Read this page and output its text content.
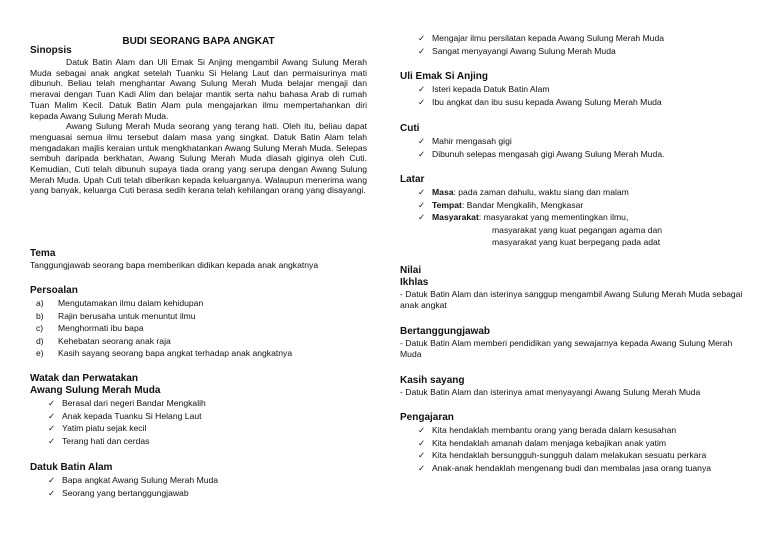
BUDI SEORANG BAPA ANGKAT
Sinopsis

Datuk Batin Alam dan Uli Emak Si Anjing mengambil Awang Sulung Merah Muda sebagai anak angkat setelah Tuanku Si Helang Laut dan permaisurinya mati dibunuh. Beliau telah menghantar Awang Sulung Merah Muda belajar mengaji dan meravai dengan Tuan Kadi Alim dan belajar mantik serta nahu bahasa Arab di rumah Tuan Malim Kecil. Datuk Batin Alam pula mengajarkan ilmu mempertahankan diri kepada Awang Sulung Merah Muda.

Awang Sulung Merah Muda seorang yang terang hati. Oleh itu, beliau dapat menguasai semua ilmu tersebut dalam masa yang singkat. Datuk Batin Alam telah mengadakan majlis keraian untuk mengkhatankan Awang Sulung Merah Muda. Selepas sembuh daripada berkhatan, Awang Sulung Merah Muda diasah giginya oleh Cuti. Kemudian, Cuti telah dibunuh supaya tiada orang yang serupa dengan Awang Sulung Merah Muda. Upah Cuti telah diberikan kepada keluarganya. Walaupun menerima wang yang banyak, keluarga Cuti berasa sedih kerana telah kehilangan orang yang disayangi.

Tema
Tanggungjawab seorang bapa memberikan didikan kepada anak angkatnya
Persoalan
a)	Mengutamakan ilmu dalam kehidupan
b)	Rajin berusaha untuk menuntut ilmu
c)	Menghormati ibu bapa
d)	Kehebatan seorang anak raja
e)	Kasih sayang seorang bapa angkat terhadap anak angkatnya
Watak dan Perwatakan
Awang Sulung Merah Muda
✓ Berasal dari negeri Bandar Mengkalih
✓ Anak kepada Tuanku Si Helang Laut
✓ Yatim piatu sejak kecil
✓ Terang hati dan cerdas
Datuk Batin Alam
✓ Bapa angkat Awang Sulung Merah Muda
✓ Seorang yang bertanggungjawab
✓ Mengajar ilmu persilatan kepada Awang Sulung Merah Muda
✓ Sangat menyayangi Awang Sulung Merah Muda
Uli Emak Si Anjing
✓ Isteri kepada Datuk Batin Alam
✓ Ibu angkat dan ibu susu kepada Awang Sulung Merah Muda
Cuti
✓ Mahir mengasah gigi
✓ Dibunuh selepas mengasah gigi Awang Sulung Merah Muda.
Latar
✓ Masa : pada zaman dahulu, waktu siang dan malam
✓ Tempat : Bandar Mengkalih, Mengkasar
✓ Masyarakat : masyarakat yang mementingkan ilmu,
masyarakat yang kuat pegangan agama dan
masyarakat yang kuat berpegang pada adat
Nilai
Ikhlas
- Datuk Batin Alam dan isterinya sanggup mengambil Awang Sulung Merah Muda sebagai anak angkat
Bertanggungjawab
- Datuk Batin Alam memberi pendidikan yang sewajarnya kepada Awang Sulung Merah Muda
Kasih sayang
- Datuk Batin Alam dan isterinya amat menyayangi Awang Sulung Merah Muda
Pengajaran
✓ Kita hendaklah membantu orang yang berada dalam kesusahan
✓ Kita hendaklah amanah dalam menjaga kebajikan anak yatim
✓ Kita hendaklah bersungguh-sungguh dalam melakukan sesuatu perkara
✓ Anak-anak hendaklah mengenang budi dan membalas jasa orang tuanya
